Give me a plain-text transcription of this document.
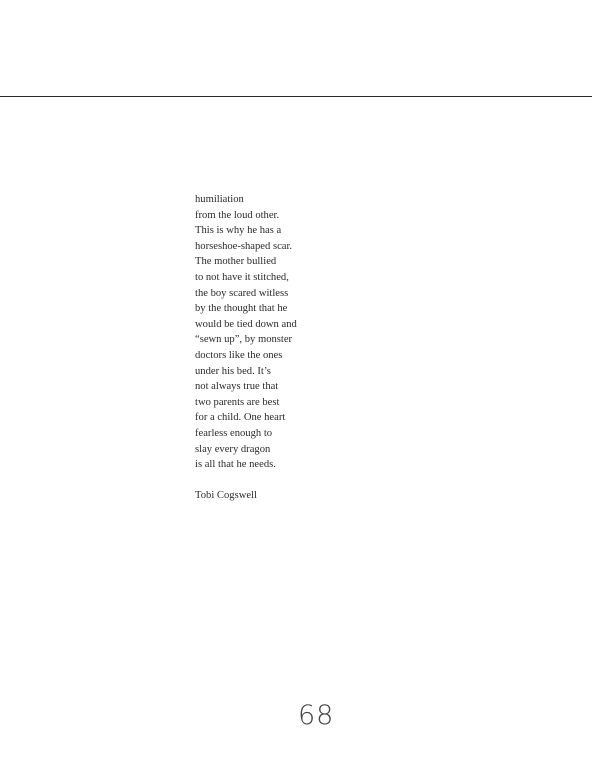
humiliation
from the loud other.
This is why he has a
horseshoe-shaped scar.
The mother bullied
to not have it stitched,
the boy scared witless
by the thought that he
would be tied down and
“sewn up”, by monster
doctors like the ones
under his bed. It’s
not always true that
two parents are best
for a child. One heart
fearless enough to
slay every dragon
is all that he needs.
Tobi Cogswell
68
